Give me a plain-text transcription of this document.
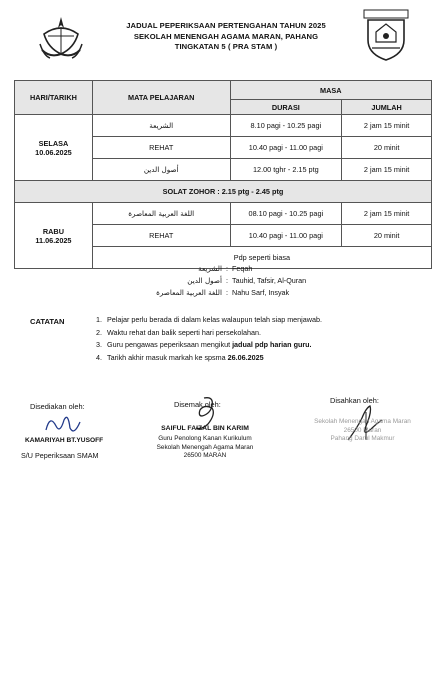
JADUAL PEPERIKSAAN PERTENGAHAN TAHUN 2025
SEKOLAH MENENGAH AGAMA MARAN, PAHANG
TINGKATAN 5 ( PRA STAM )
HARI/TARIKH	MATA PELAJARAN	MASA	
		DURASI	JUMLAH

SELASA
10.06.2025	الشريعة	8.10 pagi - 10.25 pagi	2 jam 15 minit
	REHAT	10.40 pagi - 11.00 pagi	20 minit
	أصول الدين	12.00 tghr - 2.15 ptg	2 jam 15 minit
SOLAT ZOHOR : 2.15 ptg - 2.45 ptg			

RABU
11.06.2025	اللغة العربية المعاصرة	08.10 pagi - 10.25 pagi	2 jam 15 minit
	REHAT	10.40 pagi - 11.00 pagi	20 minit
	Pdp seperti biasa		
الشريعة : Feqah
أصول الدين : Tauhid, Tafsir, Al-Quran
اللغة العربية المعاصرة : Nahu Sarf, Insyak
CATATAN	1. Pelajar perlu berada di dalam kelas walaupun telah siap menjawab.
2. Waktu rehat dan balik seperti hari persekolahan.
3. Guru pengawas peperiksaan mengikut jadual pdp harian guru.
4. Tarikh akhir masuk markah ke spsma 26.06.2025
Disediakan oleh:
KAMARIYAH BT.YUSOFF
S/U Peperiksaan SMAM
Disemak oleh:
SAIFUL FAIZAL BIN KARIM
Guru Penolong Kanan Kurikulum
Sekolah Menengah Agama Maran
26500 MARAN
Disahkan oleh:
Sekolah Menengah Agama Maran
26500 Maran
Pahang Darul Makmur
